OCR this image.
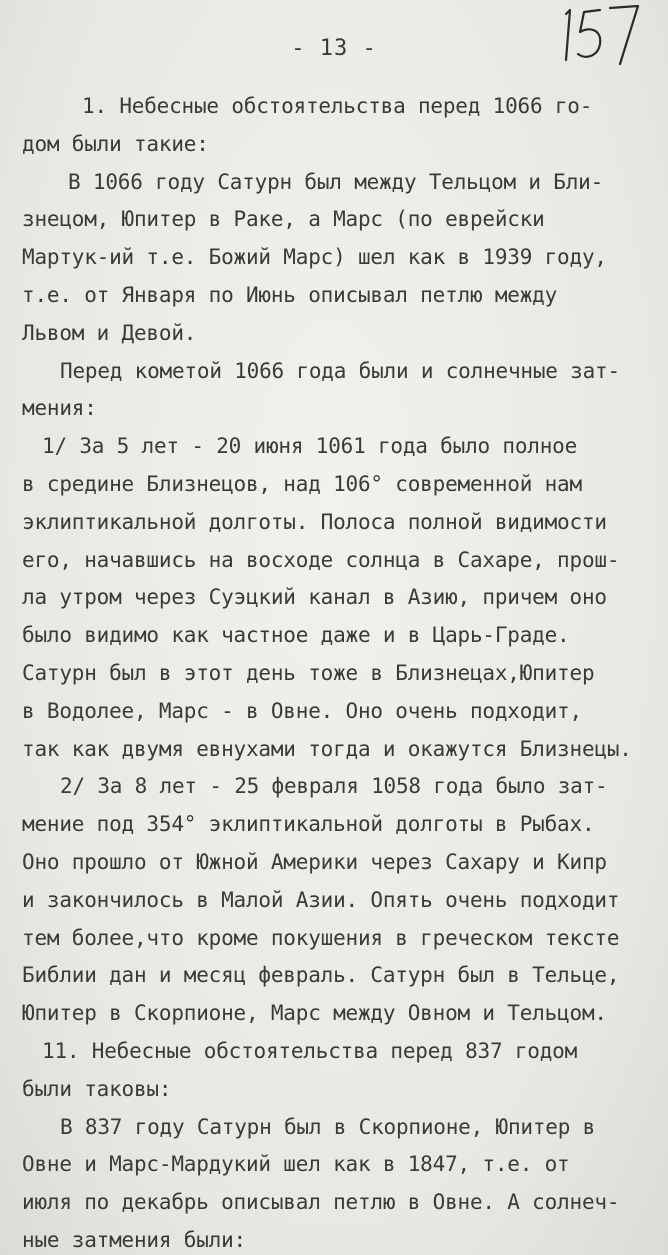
- 13 -
1. Небесные обстоятельства перед 1066 го-
дом были такие:
В 1066 году Сатурн был между Тельцом и Бли-
знецом, Юпитер в Раке, а Марс (по еврейски
Мартук-ий т.е. Божий Марс) шел как в 1939 году,
т.е. от Января по Июнь описывал петлю между
Львом и Девой.
Перед кометой 1066 года были и солнечные зат-
мения:
1/ За 5 лет - 20 июня 1061 года было полное
в средине Близнецов, над 106° современной нам
эклиптикальной долготы. Полоса полной видимости
его, начавшись на восходе солнца в Сахаре, прош-
ла утром через Суэцкий канал в Азию, причем оно
было видимо как частное даже и в Царь-Граде.
Сатурн был в этот день тоже в Близнецах,Юпитер
в Водолее, Марс - в Овне. Оно очень подходит,
так как двумя евнухами тогда и окажутся Близнецы.
2/ За 8 лет - 25 февраля 1058 года было зат-
мение под 354° эклиптикальной долготы в Рыбах.
Оно прошло от Южной Америки через Сахару и Кипр
и закончилось в Малой Азии. Опять очень подходит
тем более,что кроме покушения в греческом тексте
Библии дан и месяц февраль. Сатурн был в Тельце,
Юпитер в Скорпионе, Марс между Овном и Тельцом.
11. Небесные обстоятельства перед 837 годом
были таковы:
В 837 году Сатурн был в Скорпионе, Юпитер в
Овне и Марс-Мардукий шел как в 1847, т.е. от
июля по декабрь описывал петлю в Овне. А солнеч-
ные затмения были:
